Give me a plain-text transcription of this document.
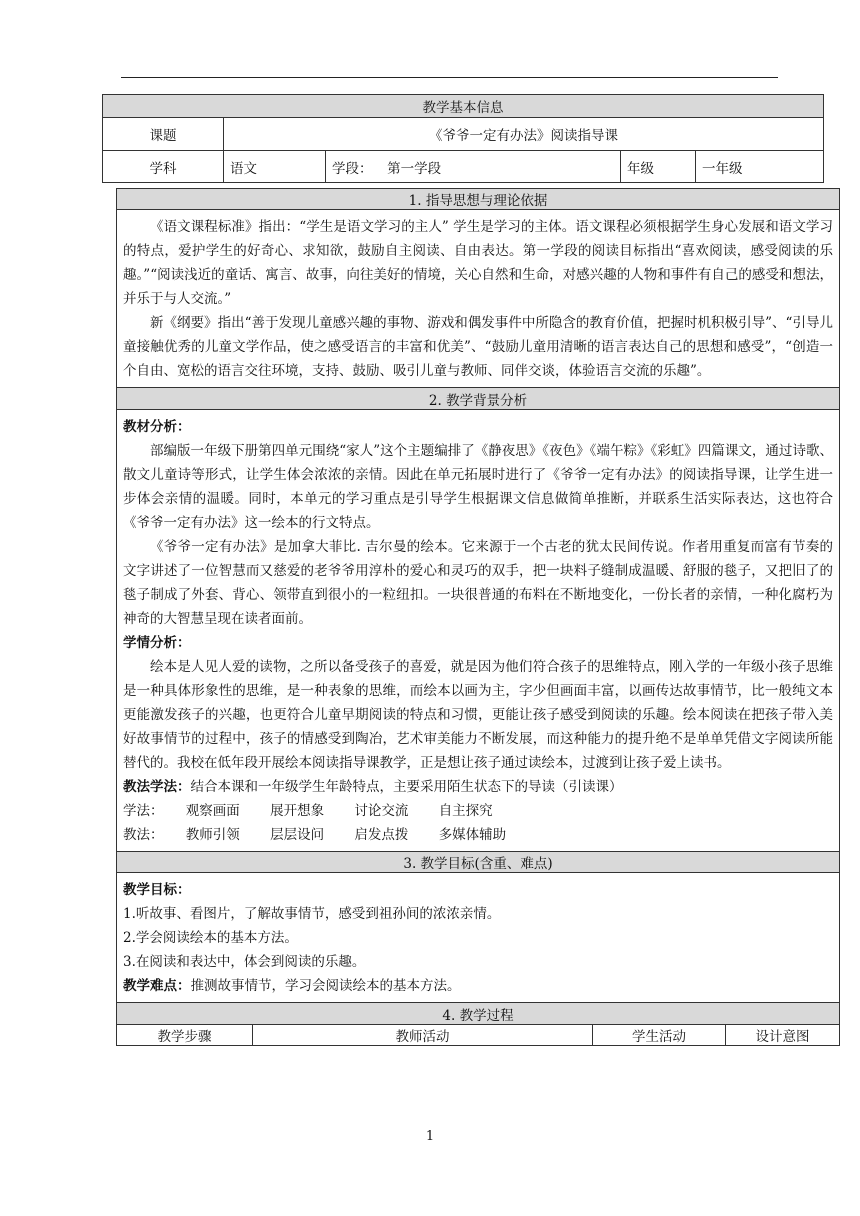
教学基本信息				
课题	《爷爷一定有办法》阅读指导课			
学科	语文	学段： 第一学段	年级	一年级
1. 指导思想与理论依据

《语文课程标准》指出：“学生是语文学习的主人” 学生是学习的主体。语文课程必须根据学生身心发展和语文学习的特点，爱护学生的好奇心、求知欲，鼓励自主阅读、自由表达。第一学段的阅读目标指出“喜欢阅读，感受阅读的乐趣。”“阅读浅近的童话、寓言、故事，向往美好的情境，关心自然和生命，对感兴趣的人物和事件有自己的感受和想法，并乐于与人交流。”

新《纲要》指出“善于发现儿童感兴趣的事物、游戏和偶发事件中所隐含的教育价值，把握时机积极引导”、“引导儿童接触优秀的儿童文学作品，使之感受语言的丰富和优美”、“鼓励儿童用清晰的语言表达自己的思想和感受”，“创造一个自由、宽松的语言交往环境，支持、鼓励、吸引儿童与教师、同伴交谈，体验语言交流的乐趣”。

2. 教学背景分析

教材分析：

部编版一年级下册第四单元围绕“家人”这个主题编排了《静夜思》《夜色》《端午粽》《彩虹》四篇课文，通过诗歌、散文儿童诗等形式，让学生体会浓浓的亲情。因此在单元拓展时进行了《爷爷一定有办法》的阅读指导课，让学生进一步体会亲情的温暖。同时，本单元的学习重点是引导学生根据课文信息做简单推断，并联系生活实际表达，这也符合《爷爷一定有办法》这一绘本的行文特点。

《爷爷一定有办法》是加拿大菲比. 吉尔曼的绘本。它来源于一个古老的犹太民间传说。作者用重复而富有节奏的文字讲述了一位智慧而又慈爱的老爷爷用淳朴的爱心和灵巧的双手，把一块料子缝制成温暖、舒服的毯子，又把旧了的毯子制成了外套、背心、领带直到很小的一粒纽扣。一块很普通的布料在不断地变化，一份长者的亲情，一种化腐朽为神奇的大智慧呈现在读者面前。

学情分析：

绘本是人见人爱的读物，之所以备受孩子的喜爱，就是因为他们符合孩子的思维特点，刚入学的一年级小孩子思维是一种具体形象性的思维，是一种表象的思维，而绘本以画为主，字少但画面丰富，以画传达故事情节，比一般纯文本更能激发孩子的兴趣，也更符合儿童早期阅读的特点和习惯，更能让孩子感受到阅读的乐趣。绘本阅读在把孩子带入美好故事情节的过程中，孩子的情感受到陶冶，艺术审美能力不断发展，而这种能力的提升绝不是单单凭借文字阅读所能替代的。我校在低年段开展绘本阅读指导课教学，正是想让孩子通过读绘本，过渡到让孩子爱上读书。

教法学法：结合本课和一年级学生年龄特点，主要采用陌生状态下的导读（引读课）

学法： 观察画面 展开想象 讨论交流 自主探究

教法： 教师引领 层层设问 启发点拨 多媒体辅助

3. 教学目标(含重、难点)

教学目标：

1.听故事、看图片，了解故事情节，感受到祖孙间的浓浓亲情。

2.学会阅读绘本的基本方法。

3.在阅读和表达中，体会到阅读的乐趣。

教学难点：推测故事情节，学习会阅读绘本的基本方法。

4. 教学过程
教学步骤	教师活动	学生活动	设计意图
1
